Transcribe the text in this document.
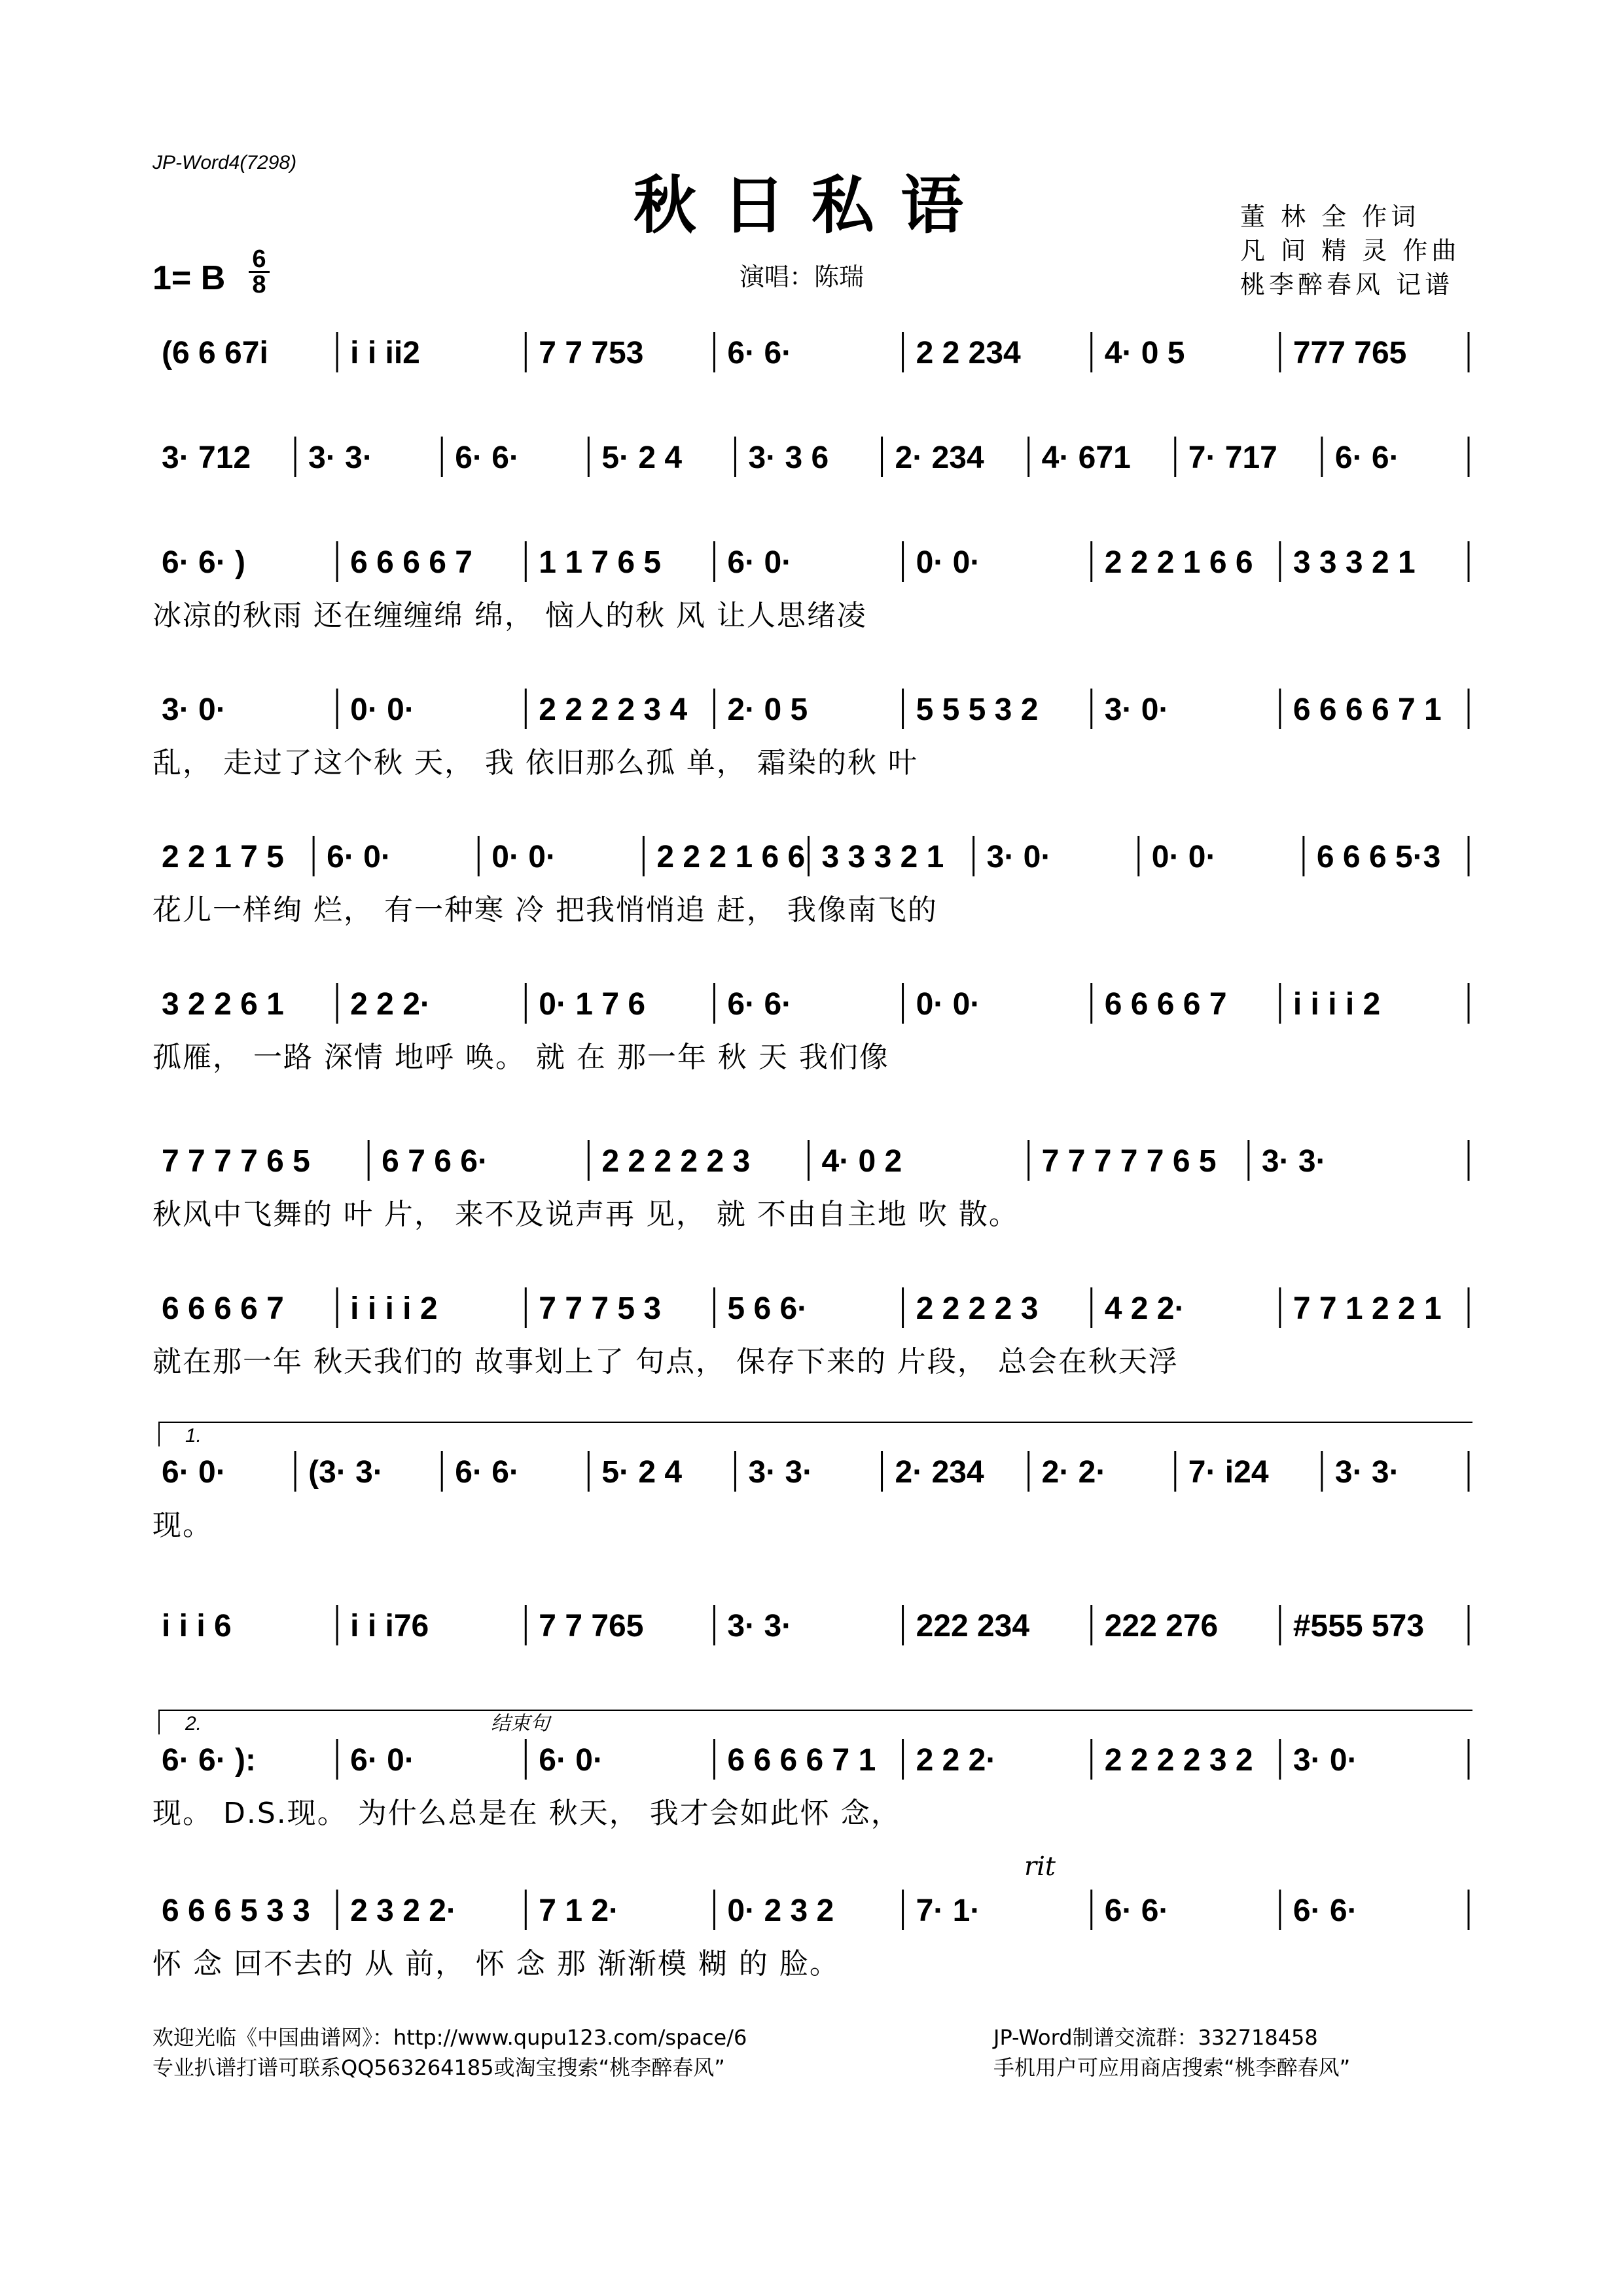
JP-Word4(7298)
秋日私语
演唱：陈瑞
董 林 全 作词
凡 间 精 灵 作曲
桃李醉春风 记谱
1= B 6
8
(6 6 67i	i i ii2	7 7 753	6· 6·	2 2 234	4· 0 5	777 765
3· 712 3· 3·	6· 6·	5· 2 4 3· 3 6 2· 234 4· 671 7· 717 6· 6·
6· 6· )	6 6 6 6 7 1 1 7 6 5 6· 0·	0· 0·	2 2 2 1 6 6 3 3 3 2 1
冰凉的秋雨 还在缠缠绵 绵， 恼人的秋 风 让人思绪凌
3· 0·	0· 0·	2 2 2 2 3 4 2· 0 5	5 5 5 3 2 3· 0·	6 6 6 6 7 1
乱， 走过了这个秋 天， 我 依旧那么孤 单， 霜染的秋 叶
2 2 1 7 5 6· 0·	0· 0·	2 2 2 1 6 6 3 3 3 2 1 3· 0·	0· 0·	6 6 6 5·3
花儿一样绚 烂， 有一种寒 冷 把我悄悄追 赶， 我像南飞的
3 2 2 6 1 2 2 2·	0· 1 7 6	6· 6·	0· 0·	6 6 6 6 7 i i i i 2
孤雁， 一路 深情 地呼 唤。 就 在 那一年 秋 天 我们像
7 7 7 7 6 5 6 7 6 6·	2 2 2 2 2 3 4· 0 2	7 7 7 7 7 6 5 3· 3·
秋风中飞舞的 叶 片， 来不及说声再 见， 就 不由自主地 吹 散。
6 6 6 6 7 i i i i 2	7 7 7 5 3 5 6 6·	2 2 2 2 3 4 2 2·	7 7 1 2 2 1
就在那一年 秋天我们的 故事划上了 句点， 保存下来的 片段， 总会在秋天浮
6· 0·	(3· 3· 6· 6·	5· 2 4 3· 3·	2· 234 2· 2·	7· i24 3· 3·
现。
1.
i i i 6	i i i76	7 7 765	3· 3·	222 234 222 276 #555 573
6· 6· ):	6· 0·	6· 0·	6 6 6 6 7 1 2 2 2·	2 2 2 2 3 2 3· 0·
现。 D.S.现。 为什么总是在 秋天， 我才会如此怀 念，
2.	结束句
6 6 6 5 3 3 2 3 2 2·	7 1 2·	0· 2 3 2	7· 1·	6· 6·	6· 6·
怀 念 回不去的 从 前， 怀 念 那 渐渐模 糊 的 脸。
rit
欢迎光临《中国曲谱网》：http://www.qupu123.com/space/6
专业扒谱打谱可联系QQ563264185或淘宝搜索“桃李醉春风”
JP-Word制谱交流群：332718458
手机用户可应用商店搜索“桃李醉春风”
